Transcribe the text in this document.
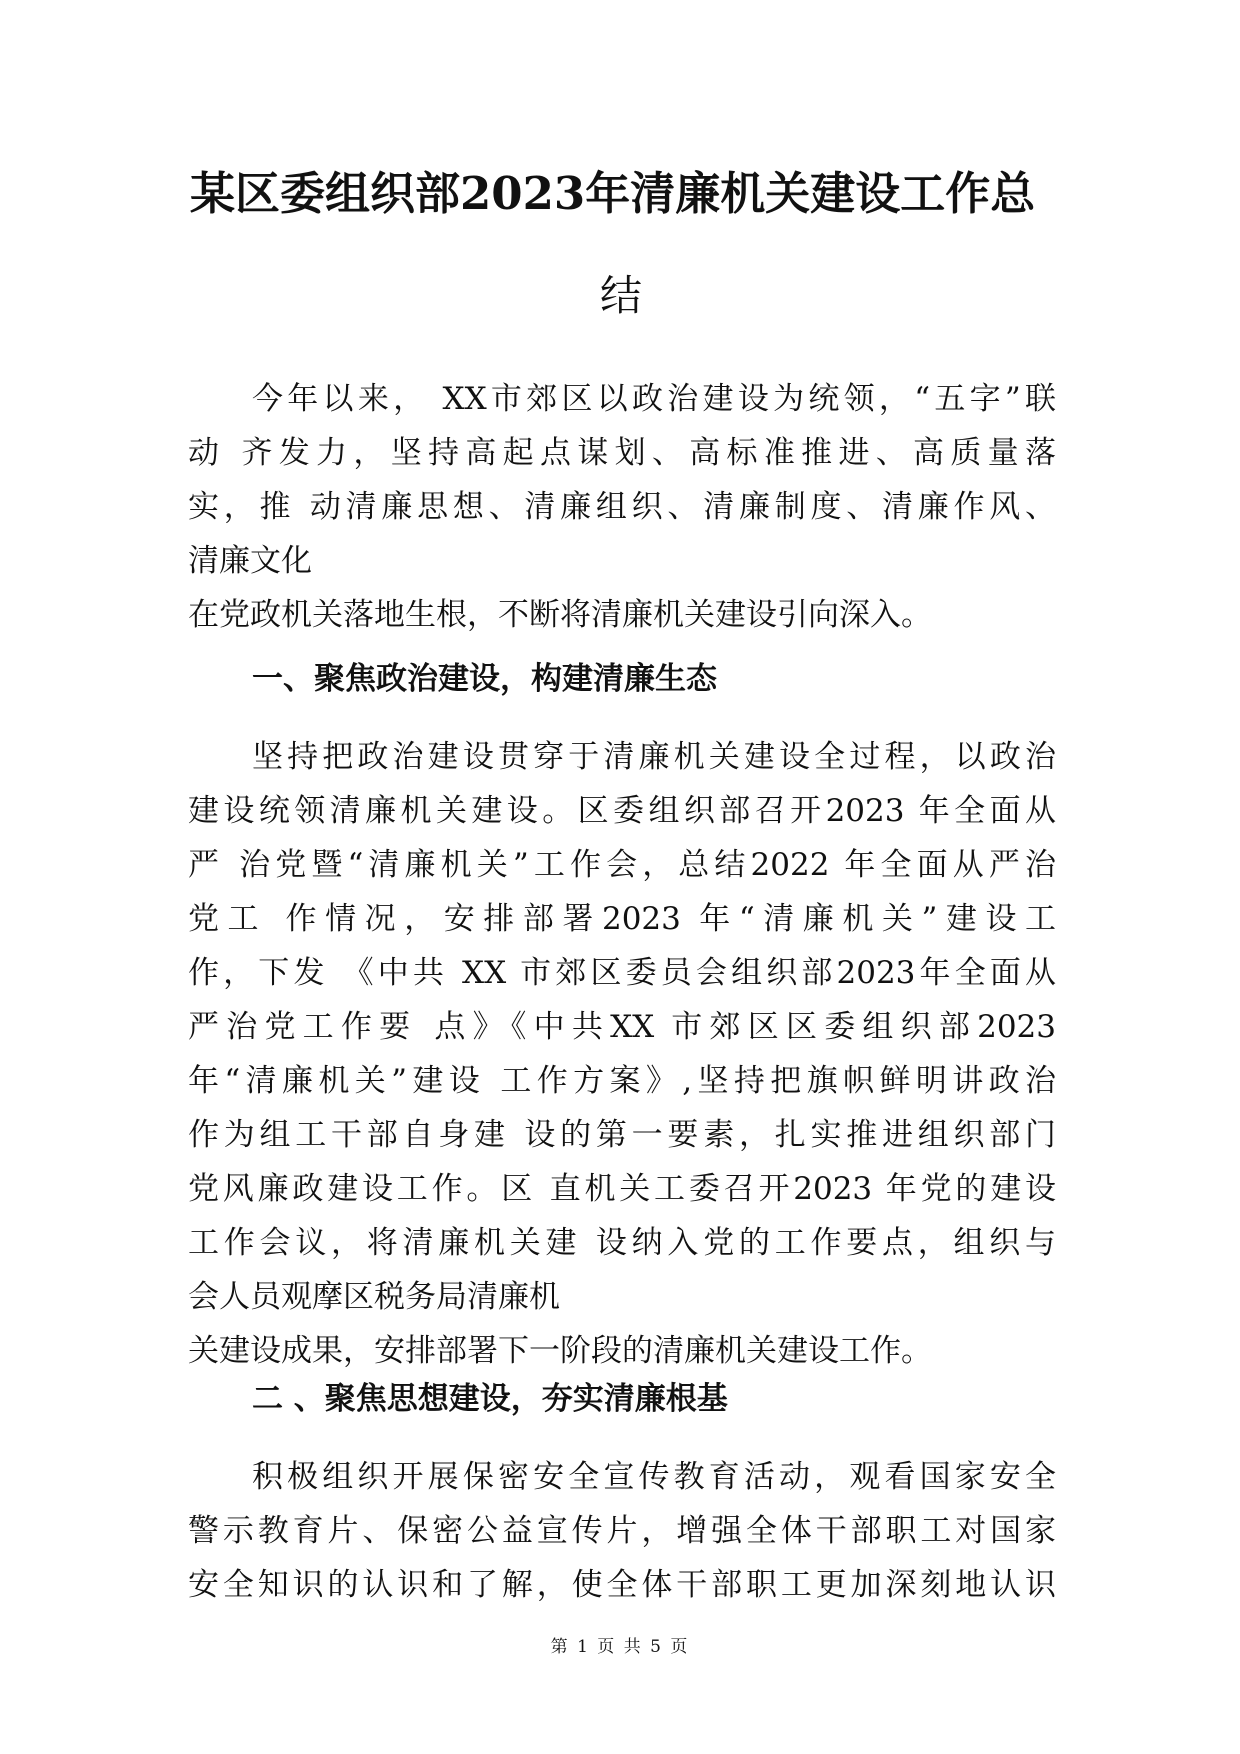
某区委组织部2023年清廉机关建设工作总
结
今年以来， XX市郊区以政治建设为统领，“五字”联
动 齐发力，坚持高起点谋划、高标准推进、高质量落
实，推 动清廉思想、清廉组织、清廉制度、清廉作风、
清廉文化
在党政机关落地生根，不断将清廉机关建设引向深入。
一、聚焦政治建设，构建清廉生态
坚持把政治建设贯穿于清廉机关建设全过程，以政治
建设统领清廉机关建设。区委组织部召开2023 年全面从
严 治党暨“清廉机关”工作会，总结2022 年全面从严治
党工 作情况，安排部署2023 年“清廉机关”建设工
作，下发 《中共 XX 市郊区委员会组织部2023年全面从
严治党工作要 点》《中共XX 市郊区区委组织部2023
年“清廉机关”建设 工作方案》,坚持把旗帜鲜明讲政治
作为组工干部自身建 设的第一要素，扎实推进组织部门
党风廉政建设工作。区 直机关工委召开2023 年党的建设
工作会议，将清廉机关建 设纳入党的工作要点，组织与
会人员观摩区税务局清廉机
关建设成果，安排部署下一阶段的清廉机关建设工作。
二 、聚焦思想建设，夯实清廉根基
积极组织开展保密安全宣传教育活动，观看国家安全
警示教育片、保密公益宣传片，增强全体干部职工对国家
安全知识的认识和了解，使全体干部职工更加深刻地认识
第 1 页 共 5 页
